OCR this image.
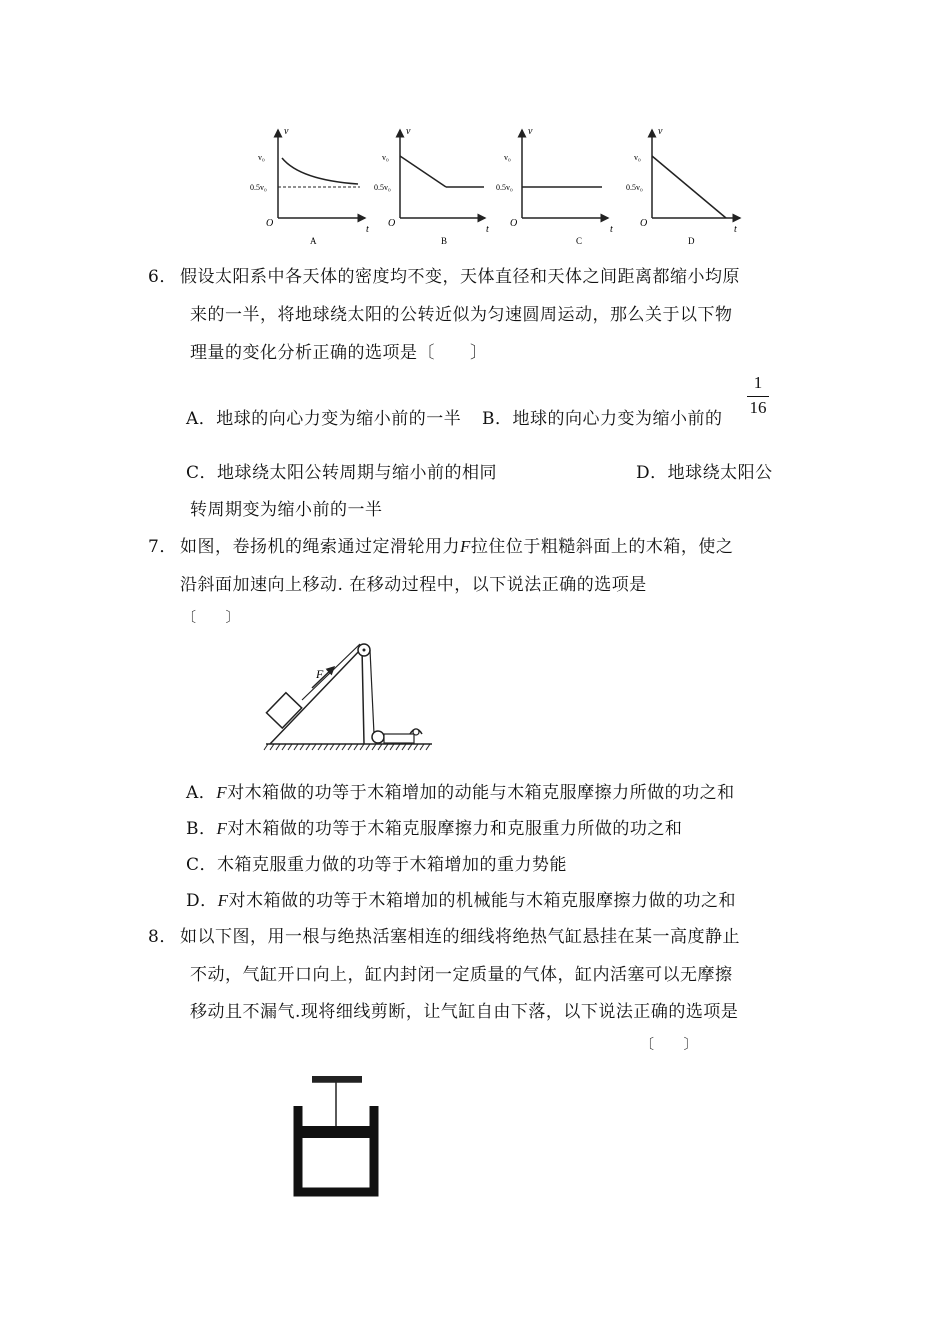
v
t
O
v₀
0.5v₀
A
v
t
O
v₀
0.5v₀
B
v
t
O
v₀
0.5v₀
C
v
t
O
v₀
0.5v₀
D
6． 假设太阳系中各天体的密度均不变，天体直径和天体之间距离都缩小均原
来的一半，将地球绕太阳的公转近似为匀速圆周运动，那么关于以下物
理量的变化分析正确的选项是〔　　〕
A．地球的向心力变为缩小前的一半 B．地球的向心力变为缩小前的
1
16
C．地球绕太阳公转周期与缩小前的相同	D．地球绕太阳公
转周期变为缩小前的一半
7． 如图，卷扬机的绳索通过定滑轮用力F拉住位于粗糙斜面上的木箱，使之
沿斜面加速向上移动. 在移动过程中，以下说法正确的选项是
〔　　〕
F
A．F对木箱做的功等于木箱增加的动能与木箱克服摩擦力所做的功之和
B．F对木箱做的功等于木箱克服摩擦力和克服重力所做的功之和
C．木箱克服重力做的功等于木箱增加的重力势能
D．F对木箱做的功等于木箱增加的机械能与木箱克服摩擦力做的功之和
8． 如以下图，用一根与绝热活塞相连的细线将绝热气缸悬挂在某一高度静止
不动，气缸开口向上，缸内封闭一定质量的气体，缸内活塞可以无摩擦
移动且不漏气.现将细线剪断，让气缸自由下落，以下说法正确的选项是
〔　　〕
